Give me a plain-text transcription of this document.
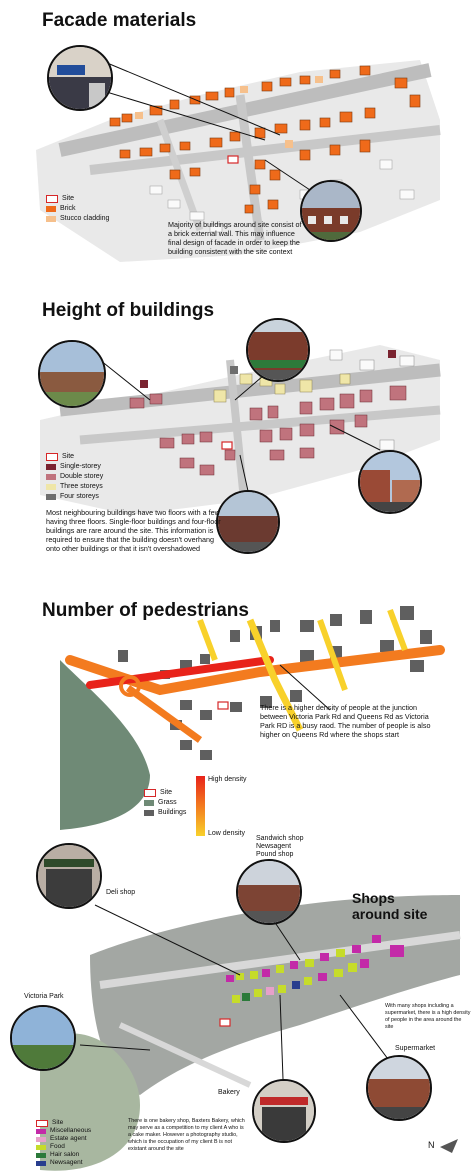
Facade materials
Site
Brick
Stucco cladding
Majority of buildings around site consist of a brick external wall. This may influence final design of facade in order to keep the building consistent with the site context
Height of buildings
Site
Single-storey
Double storey
Three storeys
Four storeys
Most neighbouring buildings have two floors with a few having three floors. Single-floor buildings and four-floor buildings are rare around the site. This information is required to ensure that the building doesn't overhang onto other buildings or that it isn't overshadowed
Number of pedestrians
Site
Grass
Buildings
High density
Low density
There is a higher density of people at the junction between Victoria Park Rd and Queens Rd as Victoria Park RD is a busy raod. The number of people is also higher on Queens Rd where the shops start
Deli shop
Sandwich shop
Newsagent
Pound shop
Shops around site
Victoria Park
With many shops including a supermarket, there is a high density of people in the area around the site
Supermarket
Bakery
There is one bakery shop, Baxters Bakery, which may serve as a competition to my client A who is a cake maker. However a photography studio, which is the occupation of my client B is not existant around the site
Site
Miscellaneous
Estate agent
Food
Hair salon
Newsagent
N
